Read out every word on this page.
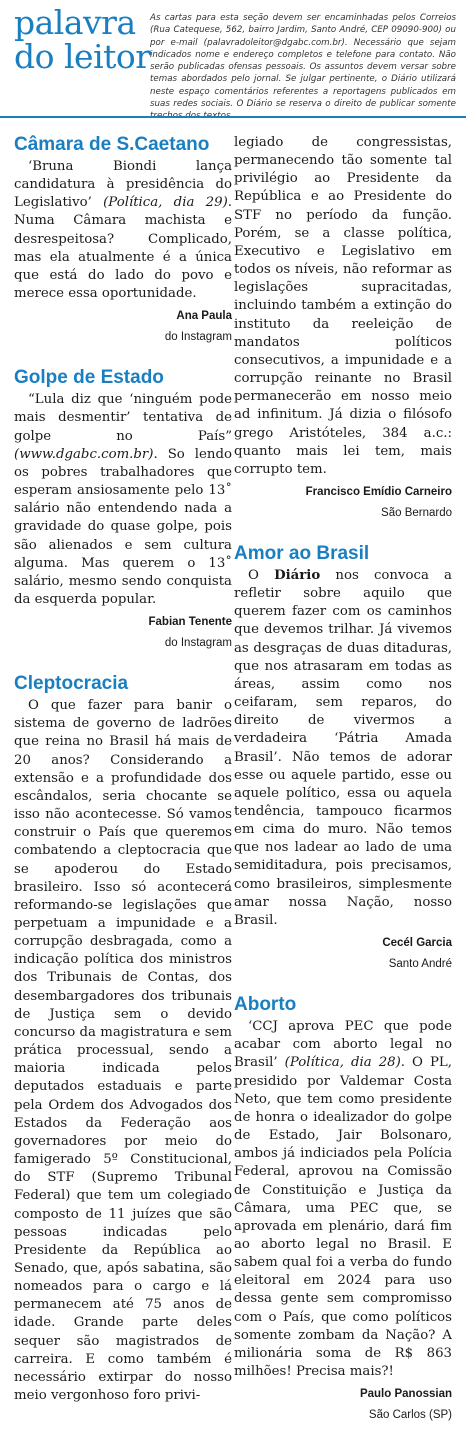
palavra
do leitor
As cartas para esta seção devem ser encaminhadas pelos Correios (Rua Catequese, 562, bairro Jardim, Santo André, CEP 09090-900) ou por e-mail (palavradoleitor@dgabc.com.br). Necessário que sejam indicados nome e endereço completos e telefone para contato. Não serão publicadas ofensas pessoais. Os assuntos devem versar sobre temas abordados pelo jornal. Se julgar pertinente, o Diário utilizará neste espaço comentários referentes a reportagens publicados em suas redes sociais. O Diário se reserva o direito de publicar somente
Câmara de S.Caetano

‘Bruna Biondi lança candidatura à presidência do Legislativo’ (Política, dia 29). Numa Câmara machista e desrespeitosa? Complicado, mas ela atualmente é a única que está do lado do povo e merece essa oportunidade.

Ana Paula
do Instagram
Golpe de Estado

“Lula diz que ‘ninguém pode mais desmentir’ tentativa de golpe no País” (www.dgabc.com.br). So lendo os pobres trabalhadores que esperam ansiosamente pelo 13˚ salário não entendendo nada a gravidade do quase golpe, pois são alienados e sem cultura alguma. Mas querem o 13˚ salário, mesmo sendo conquista da esquerda popular.

Fabian Tenente
do Instagram
Cleptocracia

O que fazer para banir o sistema de governo de ladrões que reina no Brasil há mais de 20 anos? Considerando a extensão e a profundidade dos escândalos, seria chocante se isso não acontecesse. Só vamos construir o País que queremos combatendo a cleptocracia que se apoderou do Estado brasileiro. Isso só acontecerá reformando-se legislações que perpetuam a impunidade e a corrupção desbragada, como a indicação política dos ministros dos Tribunais de Contas, dos desembargadores dos tribunais de Justiça sem o devido concurso da magistratura e sem prática processual, sendo a maioria indicada pelos deputados estaduais e parte pela Ordem dos Advogados dos Estados da Federação aos governadores por meio do famigerado 5º Constitucional, do STF (Supremo Tribunal Federal) que tem um colegiado composto de 11 juízes que são pessoas indicadas pelo Presidente da República ao Senado, que, após sabatina, são nomeados para o cargo e lá permanecem até 75 anos de idade. Grande parte deles sequer são magistrados de carreira. E como também é necessário extirpar do nosso meio vergonhoso foro privi-

legiado de congressistas, permanecendo tão somente tal privilégio ao Presidente da República e ao Presidente do STF no período da função. Porém, se a classe política, Executivo e Legislativo em todos os níveis, não reformar as legislações supracitadas, incluindo também a extinção do instituto da reeleição de mandatos políticos consecutivos, a impunidade e a corrupção reinante no Brasil permanecerão em nosso meio ad infinitum. Já dizia o filósofo grego Aristóteles, 384 a.c.: quanto mais lei tem, mais corrupto tem.

Francisco Emídio Carneiro
São Bernardo
Amor ao Brasil

O Diário nos convoca a refletir sobre aquilo que querem fazer com os caminhos que devemos trilhar. Já vivemos as desgraças de duas ditaduras, que nos atrasaram em todas as áreas, assim como nos ceifaram, sem reparos, do direito de vivermos a verdadeira ‘Pátria Amada Brasil’. Não temos de adorar esse ou aquele partido, esse ou aquele político, essa ou aquela tendência, tampouco ficarmos em cima do muro. Não temos que nos ladear ao lado de uma semiditadura, pois precisamos, como brasileiros, simplesmente amar nossa Nação, nosso Brasil.

Cecél Garcia
Santo André
Aborto

‘CCJ aprova PEC que pode acabar com aborto legal no Brasil’ (Política, dia 28). O PL, presidido por Valdemar Costa Neto, que tem como presidente de honra o idealizador do golpe de Estado, Jair Bolsonaro, ambos já indiciados pela Polícia Federal, aprovou na Comissão de Constituição e Justiça da Câmara, uma PEC que, se aprovada em plenário, dará fim ao aborto legal no Brasil. E sabem qual foi a verba do fundo eleitoral em 2024 para uso dessa gente sem compromisso com o País, que como políticos somente zombam da Nação? A milionária soma de R$ 863 milhões! Precisa mais?!

Paulo Panossian
São Carlos (SP)
